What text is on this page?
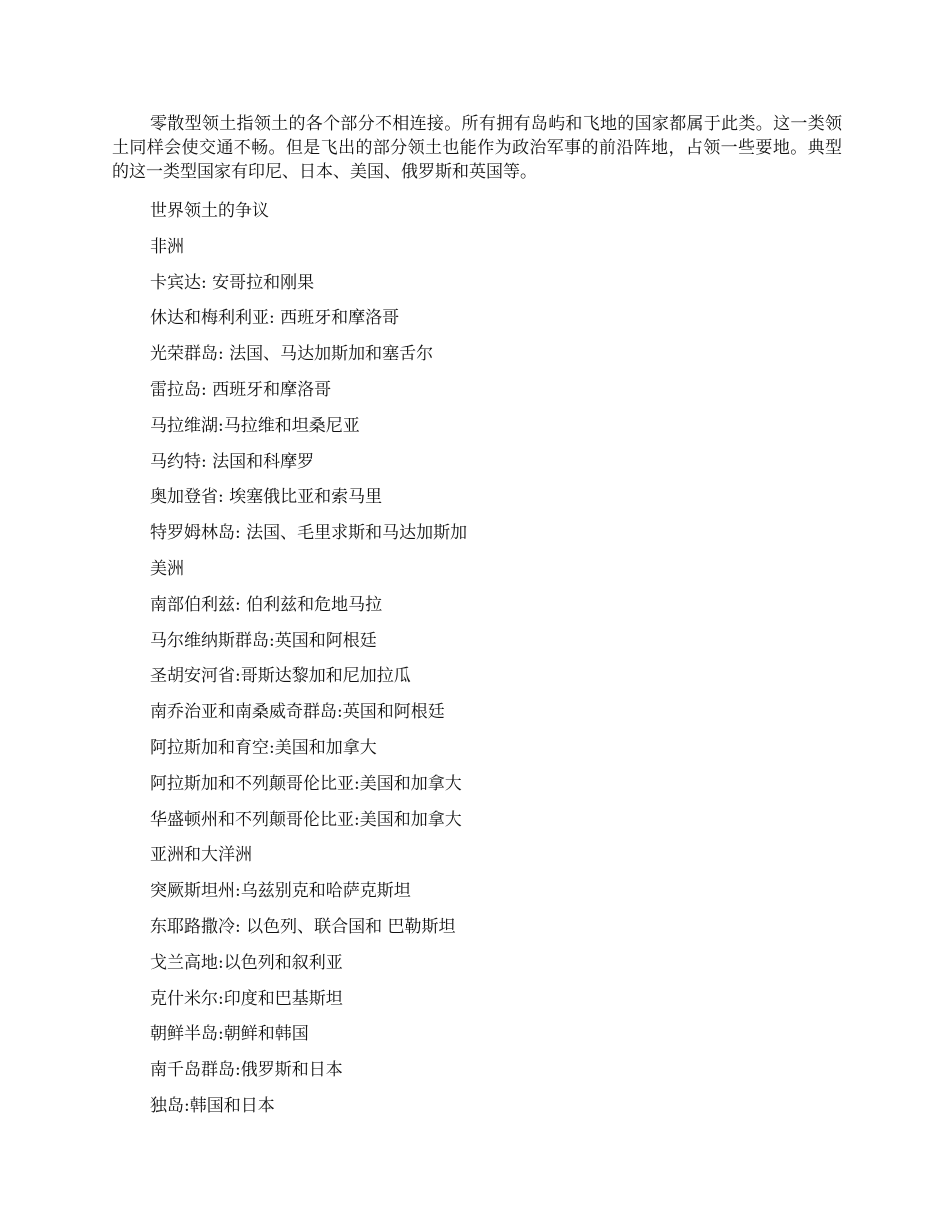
零散型领土指领土的各个部分不相连接。所有拥有岛屿和飞地的国家都属于此类。这一类领土同样会使交通不畅。但是飞出的部分领土也能作为政治军事的前沿阵地，占领一些要地。典型的这一类型国家有印尼、日本、美国、俄罗斯和英国等。

世界领土的争议
非洲
卡宾达: 安哥拉和刚果
休达和梅利利亚: 西班牙和摩洛哥
光荣群岛: 法国、马达加斯加和塞舌尔
雷拉岛: 西班牙和摩洛哥
马拉维湖:马拉维和坦桑尼亚
马约特: 法国和科摩罗
奥加登省: 埃塞俄比亚和索马里
特罗姆林岛: 法国、毛里求斯和马达加斯加
美洲
南部伯利兹: 伯利兹和危地马拉
马尔维纳斯群岛:英国和阿根廷
圣胡安河省:哥斯达黎加和尼加拉瓜
南乔治亚和南桑威奇群岛:英国和阿根廷
阿拉斯加和育空:美国和加拿大
阿拉斯加和不列颠哥伦比亚:美国和加拿大
华盛顿州和不列颠哥伦比亚:美国和加拿大
亚洲和大洋洲
突厥斯坦州:乌兹别克和哈萨克斯坦
东耶路撒冷: 以色列、联合国和 巴勒斯坦
戈兰高地:以色列和叙利亚
克什米尔:印度和巴基斯坦
朝鲜半岛:朝鲜和韩国
南千岛群岛:俄罗斯和日本
独岛:韩国和日本
